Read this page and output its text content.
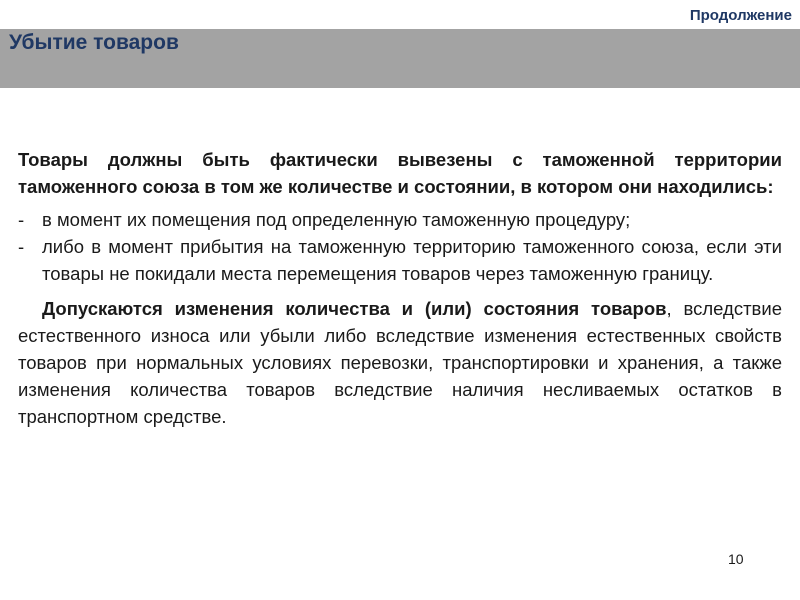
Продолжение
Убытие товаров

Товары должны быть фактически вывезены с таможенной территории таможенного союза в том же количестве и состоянии, в котором они находились:

- в момент их помещения под определенную таможенную процедуру;
- либо в момент прибытия на таможенную территорию таможенного союза, если эти товары не покидали места перемещения товаров через таможенную границу.

Допускаются изменения количества и (или) состояния товаров, вследствие естественного износа или убыли либо вследствие изменения естественных свойств товаров при нормальных условиях перевозки, транспортировки и хранения, а также изменения количества товаров вследствие наличия несливаемых остатков в транспортном средстве.

10
